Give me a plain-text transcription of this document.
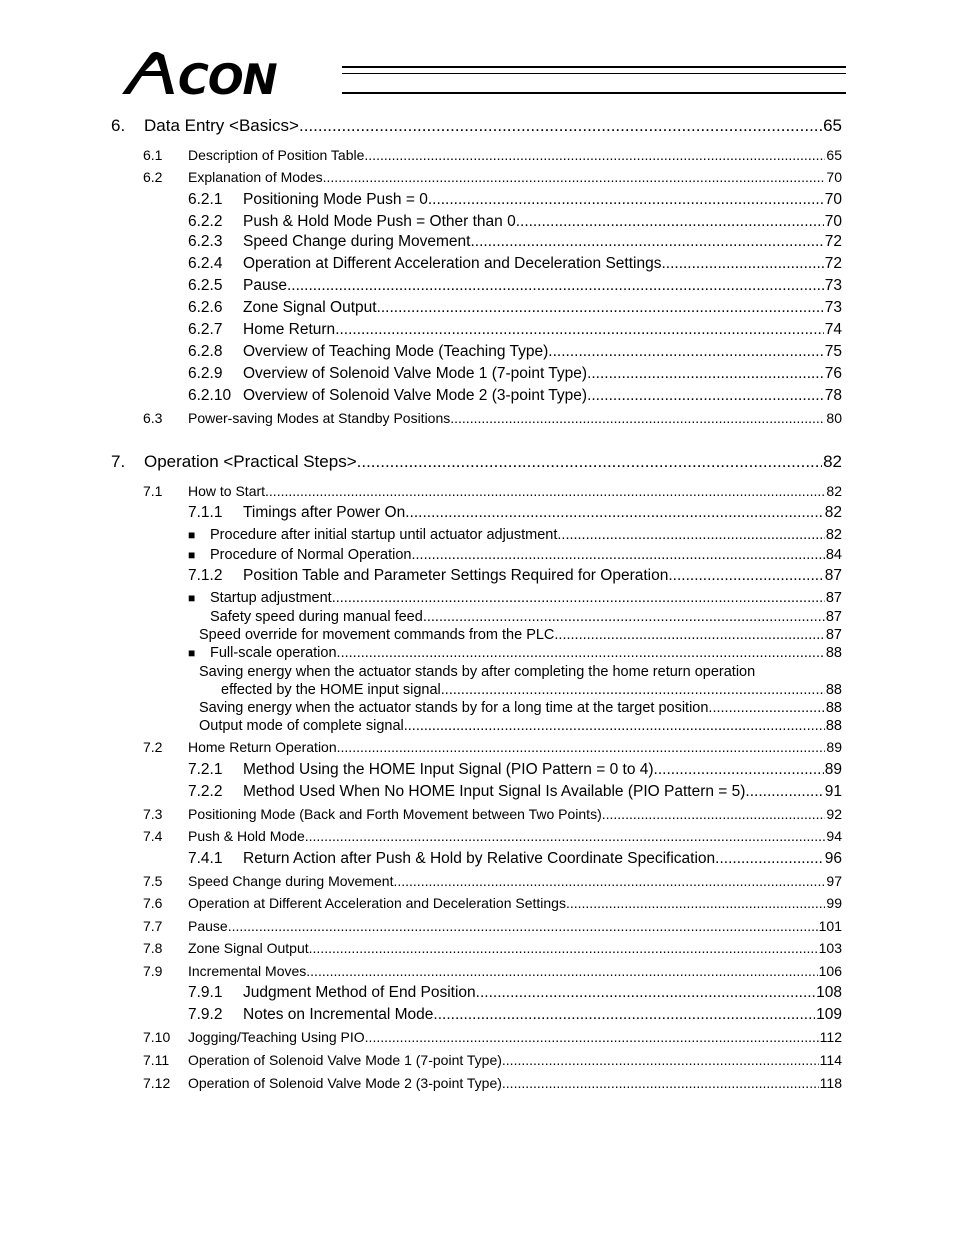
CON
6.	Data Entry <Basics> .....	65
6.1	Description of Position Table .....	65
6.2	Explanation of Modes .....	70
6.2.1	Positioning Mode Push = 0 .....	70
6.2.2	Push & Hold Mode Push = Other than 0 .....	70
6.2.3	Speed Change during Movement .....	72
6.2.4	Operation at Different Acceleration and Deceleration Settings .....	72
6.2.5	Pause .....	73
6.2.6	Zone Signal Output .....	73
6.2.7	Home Return .....	74
6.2.8	Overview of Teaching Mode (Teaching Type) .....	75
6.2.9	Overview of Solenoid Valve Mode 1 (7-point Type) .....	76
6.2.10 Overview of Solenoid Valve Mode 2 (3-point Type) .....	78
6.3	Power-saving Modes at Standby Positions .....	80
7.	Operation <Practical Steps> .....	82
7.1	How to Start .....	82
7.1.1	Timings after Power On .....	82
■	Procedure after initial startup until actuator adjustment .....	82
■	Procedure of Normal Operation .....	84
7.1.2	Position Table and Parameter Settings Required for Operation .....	87
■	Startup adjustment .....	87
Safety speed during manual feed .....	87
Speed override for movement commands from the PLC .....	87
■	Full-scale operation .....	88
Saving energy when the actuator stands by after completing the home return operation
effected by the HOME input signal .....	88
Saving energy when the actuator stands by for a long time at the target position .....	88
Output mode of complete signal .....	88
7.2	Home Return Operation .....	89
7.2.1	Method Using the HOME Input Signal (PIO Pattern = 0 to 4) .....	89
7.2.2	Method Used When No HOME Input Signal Is Available (PIO Pattern = 5) .....	91
7.3	Positioning Mode (Back and Forth Movement between Two Points) .....	92
7.4	Push & Hold Mode .....	94
7.4.1	Return Action after Push & Hold by Relative Coordinate Specification .....	96
7.5	Speed Change during Movement .....	97
7.6	Operation at Different Acceleration and Deceleration Settings .....	99
7.7	Pause .....	101
7.8	Zone Signal Output .....	103
7.9	Incremental Moves .....	106
7.9.1	Judgment Method of End Position .....	108
7.9.2	Notes on Incremental Mode .....	109
7.10	Jogging/Teaching Using PIO .....	112
7.11	Operation of Solenoid Valve Mode 1 (7-point Type) .....	114
7.12	Operation of Solenoid Valve Mode 2 (3-point Type) .....	118
